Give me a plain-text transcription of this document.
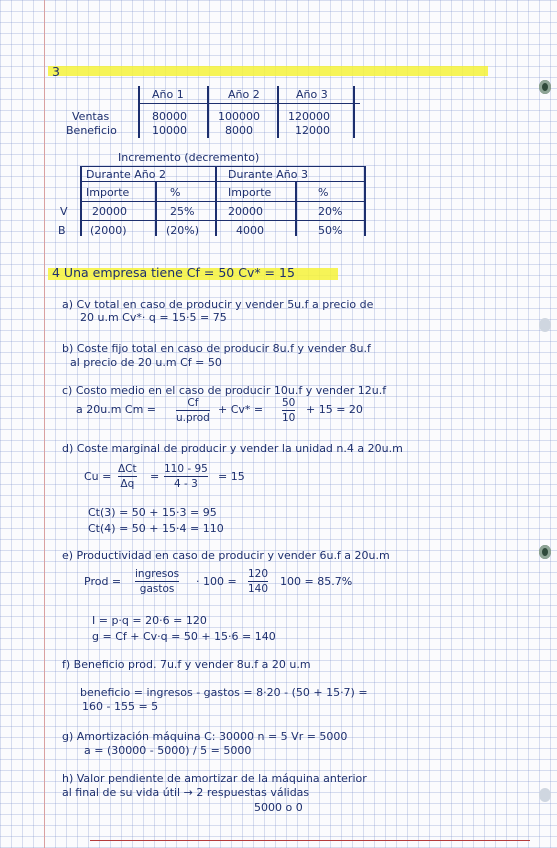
3
Año 1	Año 2	Año 3
Ventas	80000	100000	120000
Beneficio	10000	8000	12000
Incremento (decremento)
Durante Año 2	Durante Año 3
Importe	%	Importe	%
V 20000	25%	20000	20%
B (2000)	(20%)	4000	50%
4 Una empresa tiene Cf = 50 Cv* = 15
a) Cv total en caso de producir y vender 5u.f a precio de
20 u.m Cv*· q = 15·5 = 75
b) Coste fijo total en caso de producir 8u.f y vender 8u.f
al precio de 20 u.m Cf = 50
c) Costo medio en el caso de producir 10u.f y vender 12u.f
a 20u.m Cm =	Cf
u.prod
+ Cv* = 50
10
+ 15 = 20
d) Coste marginal de producir y vender la unidad n.4 a 20u.m
Cu =
ΔCt
Δq
=
110 - 95
4 - 3
= 15
Ct(3) = 50 + 15·3 = 95
Ct(4) = 50 + 15·4 = 110
e) Productividad en caso de producir y vender 6u.f a 20u.m
Prod =
ingresos
gastos
· 100 =
120
140
100 = 85.7%
I = p·q = 20·6 = 120
g = Cf + Cv·q = 50 + 15·6 = 140
f) Beneficio prod. 7u.f y vender 8u.f a 20 u.m
beneficio = ingresos - gastos = 8·20 - (50 + 15·7) =
160 - 155 = 5
g) Amortización máquina C: 30000 n = 5 Vr = 5000
a = (30000 - 5000) / 5 = 5000
h) Valor pendiente de amortizar de la máquina anterior
al final de su vida útil → 2 respuestas válidas
5000 o 0
